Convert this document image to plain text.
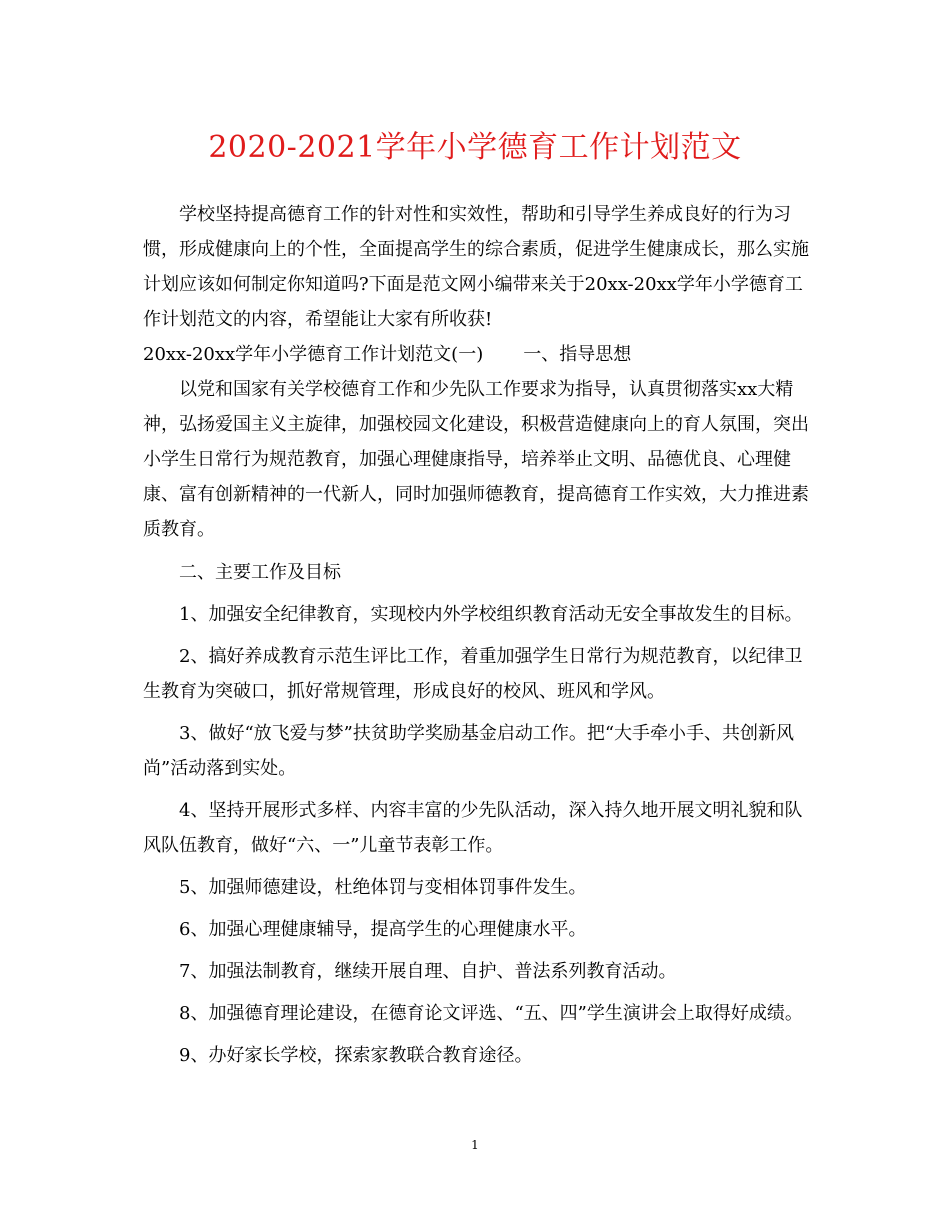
2020-2021学年小学德育工作计划范文

学校坚持提高德育工作的针对性和实效性，帮助和引导学生养成良好的行为习惯，形成健康向上的个性，全面提高学生的综合素质，促进学生健康成长，那么实施计划应该如何制定你知道吗?下面是范文网小编带来关于20xx-20xx学年小学德育工作计划范文的内容，希望能让大家有所收获!

20xx-20xx学年小学德育工作计划范文(一) 一、指导思想

以党和国家有关学校德育工作和少先队工作要求为指导，认真贯彻落实xx大精神，弘扬爱国主义主旋律，加强校园文化建设，积极营造健康向上的育人氛围，突出小学生日常行为规范教育，加强心理健康指导，培养举止文明、品德优良、心理健康、富有创新精神的一代新人，同时加强师德教育，提高德育工作实效，大力推进素质教育。

二、主要工作及目标

1、加强安全纪律教育，实现校内外学校组织教育活动无安全事故发生的目标。

2、搞好养成教育示范生评比工作，着重加强学生日常行为规范教育，以纪律卫生教育为突破口，抓好常规管理，形成良好的校风、班风和学风。

3、做好“放飞爱与梦”扶贫助学奖励基金启动工作。把“大手牵小手、共创新风尚”活动落到实处。

4、坚持开展形式多样、内容丰富的少先队活动，深入持久地开展文明礼貌和队风队伍教育，做好“六、一”儿童节表彰工作。

5、加强师德建设，杜绝体罚与变相体罚事件发生。

6、加强心理健康辅导，提高学生的心理健康水平。

7、加强法制教育，继续开展自理、自护、普法系列教育活动。

8、加强德育理论建设，在德育论文评选、“五、四”学生演讲会上取得好成绩。

9、办好家长学校，探索家教联合教育途径。

1
